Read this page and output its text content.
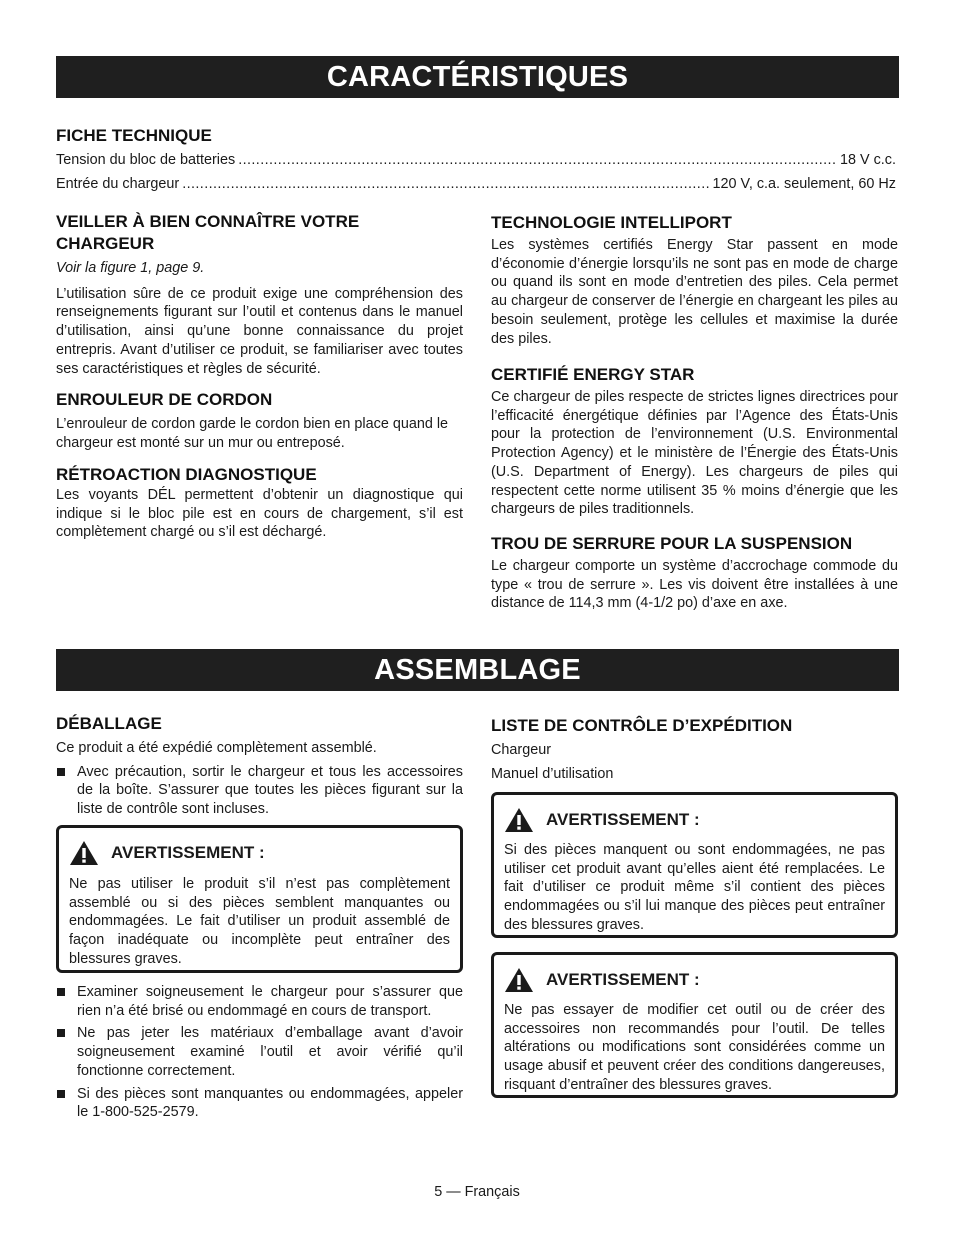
CARACTÉRISTIQUES
FICHE TECHNIQUE
Tension du bloc de batteries .....	18 V c.c.
Entrée du chargeur .....	120 V, c.a. seulement, 60 Hz
VEILLER À BIEN CONNAÎTRE VOTRE CHARGEUR

Voir la figure 1, page 9.

L’utilisation sûre de ce produit exige une compréhension des renseignements figurant sur l’outil et contenus dans le manuel d’utilisation, ainsi qu’une bonne connaissance du projet entrepris. Avant d’utiliser ce produit, se familiariser avec toutes ses caractéristiques et règles de sécurité.

ENROULEUR DE CORDON

L’enrouleur de cordon garde le cordon bien en place quand le chargeur est monté sur un mur ou entreposé.

RÉTROACTION DIAGNOSTIQUE

Les voyants DÉL permettent d’obtenir un diagnostique qui indique si le bloc pile est en cours de chargement, s’il est complètement chargé ou s’il est déchargé.

TECHNOLOGIE INTELLIPORT

Les systèmes certifiés Energy Star passent en mode d’économie d’énergie lorsqu’ils ne sont pas en mode de charge ou quand ils sont en mode d’entretien des piles. Cela permet au chargeur de conserver de l’énergie en chargeant les piles au besoin seulement, protège les cellules et maximise la durée des piles.

CERTIFIÉ ENERGY STAR

Ce chargeur de piles respecte de strictes lignes directrices pour l’efficacité énergétique définies par l’Agence des États-Unis pour la protection de l’environnement (U.S. Environmental Protection Agency) et le ministère de l’Énergie des États-Unis (U.S. Department of Energy). Les chargeurs de piles qui respectent cette norme utilisent 35 % moins d’énergie que les chargeurs de piles traditionnels.

TROU DE SERRURE POUR LA SUSPENSION

Le chargeur comporte un système d’accrochage commode du type « trou de serrure ». Les vis doivent être installées à une distance de 114,3 mm (4-1/2 po) d’axe en axe.

ASSEMBLAGE
DÉBALLAGE

Ce produit a été expédié complètement assemblé.

Avec précaution, sortir le chargeur et tous les accessoires de la boîte. S’assurer que toutes les pièces figurant sur la liste de contrôle sont incluses.
AVERTISSEMENT :

Ne pas utiliser le produit s’il n’est pas complètement assemblé ou si des pièces semblent manquantes ou endommagées. Le fait d’utiliser un produit assemblé de façon inadéquate ou incomplète peut entraîner des blessures graves.

Examiner soigneusement le chargeur pour s’assurer que rien n’a été brisé ou endommagé en cours de transport.
Ne pas jeter les matériaux d’emballage avant d’avoir soigneusement examiné l’outil et avoir vérifié qu’il fonctionne correctement.
Si des pièces sont manquantes ou endommagées, appeler le 1-800-525-2579.
LISTE DE CONTRÔLE D’EXPÉDITION

Chargeur

Manuel d’utilisation

AVERTISSEMENT :

Si des pièces manquent ou sont endommagées, ne pas utiliser cet produit avant qu’elles aient été remplacées. Le fait d’utiliser ce produit même s’il contient des pièces endommagées ou s’il lui manque des pièces peut entraîner des blessures graves.

AVERTISSEMENT :

Ne pas essayer de modifier cet outil ou de créer des accessoires non recommandés pour l’outil. De telles altérations ou modifications sont considérées comme un usage abusif et peuvent créer des conditions dangereuses, risquant d’entraîner des blessures graves.

5 — Français
